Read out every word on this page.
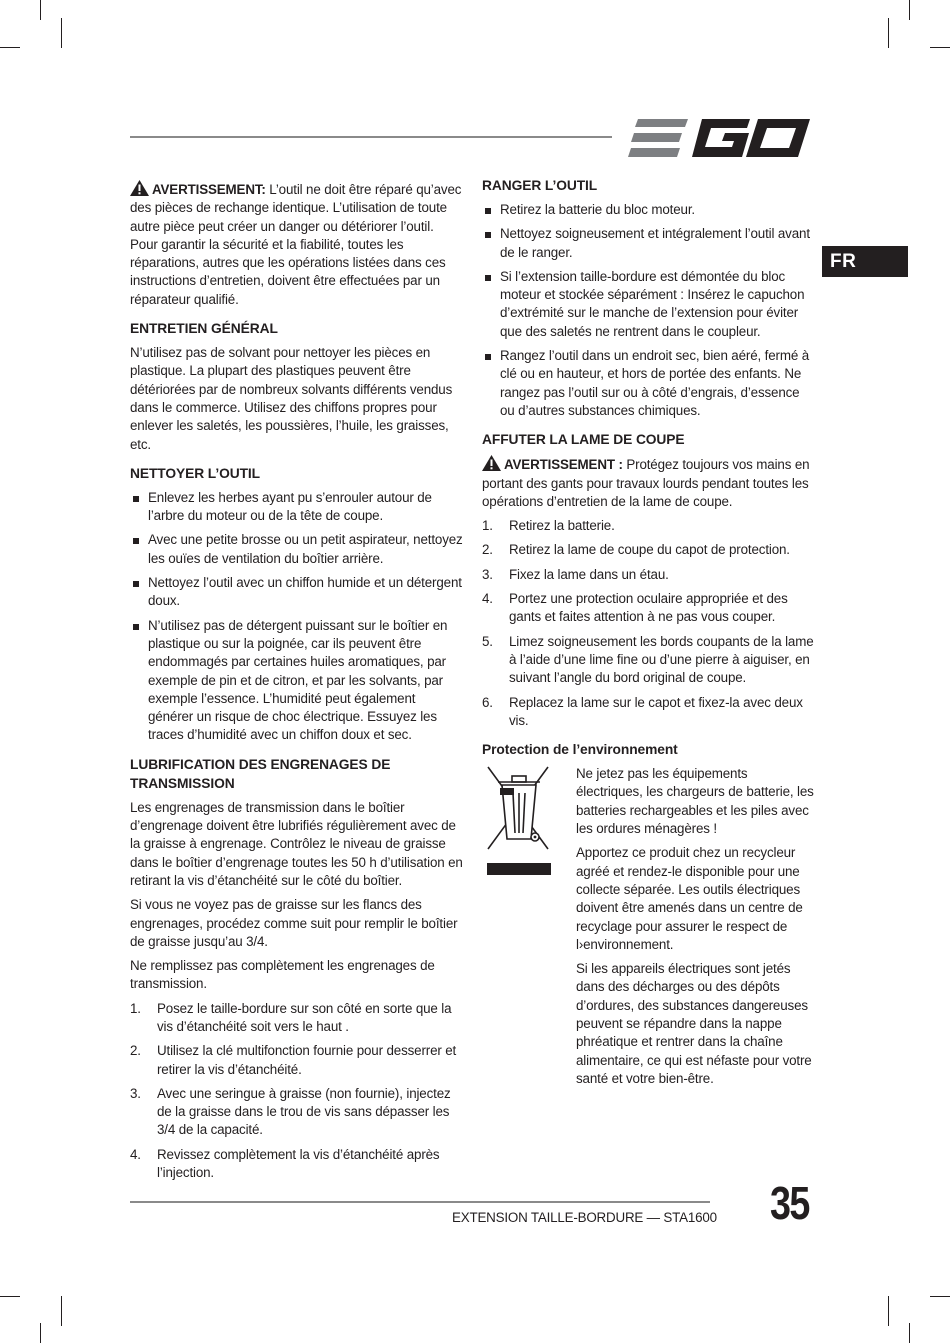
FR

AVERTISSEMENT: L’outil ne doit être réparé qu’avec des pièces de rechange identique. L’utilisation de toute autre pièce peut créer un danger ou détériorer l’outil. Pour garantir la sécurité et la fiabilité, toutes les réparations, autres que les opérations listées dans ces instructions d’entretien, doivent être effectuées par un réparateur qualifié.

ENTRETIEN GÉNÉRAL

N’utilisez pas de solvant pour nettoyer les pièces en plastique. La plupart des plastiques peuvent être détériorées par de nombreux solvants différents vendus dans le commerce. Utilisez des chiffons propres pour enlever les saletés, les poussières, l’huile, les graisses, etc.

NETTOYER L’OUTIL
Enlevez les herbes ayant pu s’enrouler autour de l’arbre du moteur ou de la tête de coupe.
Avec une petite brosse ou un petit aspirateur, nettoyez les ouïes de ventilation du boîtier arrière.
Nettoyez l’outil avec un chiffon humide et un détergent doux.
N’utilisez pas de détergent puissant sur le boîtier en plastique ou sur la poignée, car ils peuvent être endommagés par certaines huiles aromatiques, par exemple de pin et de citron, et par les solvants, par exemple l’essence. L’humidité peut également générer un risque de choc électrique. Essuyez les traces d’humidité avec un chiffon doux et sec.
LUBRIFICATION DES ENGRENAGES DE TRANSMISSION

Les engrenages de transmission dans le boîtier d’engrenage doivent être lubrifiés régulièrement avec de la graisse à engrenage. Contrôlez le niveau de graisse dans le boîtier d’engrenage toutes les 50 h d’utilisation en retirant la vis d’étanchéité sur le côté du boîtier.

Si vous ne voyez pas de graisse sur les flancs des engrenages, procédez comme suit pour remplir le boîtier de graisse jusqu’au 3/4.

Ne remplissez pas complètement les engrenages de transmission.

1. Posez le taille-bordure sur son côté en sorte que la vis d’étanchéité soit vers le haut .
2. Utilisez la clé multifonction fournie pour desserrer et retirer la vis d’étanchéité.
3. Avec une seringue à graisse (non fournie), injectez de la graisse dans le trou de vis sans dépasser les 3/4 de la capacité.
4. Revissez complètement la vis d’étanchéité après l’injection.
RANGER L’OUTIL
Retirez la batterie du bloc moteur.
Nettoyez soigneusement et intégralement l’outil avant de le ranger.
Si l’extension taille-bordure est démontée du bloc moteur et stockée séparément : Insérez le capuchon d’extrémité sur le manche de l’extension pour éviter que des saletés ne rentrent dans le coupleur.
Rangez l’outil dans un endroit sec, bien aéré, fermé à clé ou en hauteur, et hors de portée des enfants. Ne rangez pas l’outil sur ou à côté d’engrais, d’essence ou d’autres substances chimiques.
AFFUTER LA LAME DE COUPE

AVERTISSEMENT : Protégez toujours vos mains en portant des gants pour travaux lourds pendant toutes les opérations d’entretien de la lame de coupe.

1. Retirez la batterie.
2. Retirez la lame de coupe du capot de protection.
3. Fixez la lame dans un étau.
4. Portez une protection oculaire appropriée et des gants et faites attention à ne pas vous couper.
5. Limez soigneusement les bords coupants de la lame à l’aide d’une lime fine ou d’une pierre à aiguiser, en suivant l’angle du bord original de coupe.
6. Replacez la lame sur le capot et fixez-la avec deux vis.
Protection de l’environnement

Ne jetez pas les équipements électriques, les chargeurs de batterie, les batteries rechargeables et les piles avec les ordures ménagères !

Apportez ce produit chez un recycleur agréé et rendez-le disponible pour une collecte séparée. Les outils électriques doivent être amenés dans un centre de recyclage pour assurer le respect de l›environnement.

Si les appareils électriques sont jetés dans des décharges ou des dépôts d’ordures, des substances dangereuses peuvent se répandre dans la nappe phréatique et rentrer dans la chaîne alimentaire, ce qui est néfaste pour votre santé et votre bien-être.

EXTENSION TAILLE-BORDURE — STA1600 35
